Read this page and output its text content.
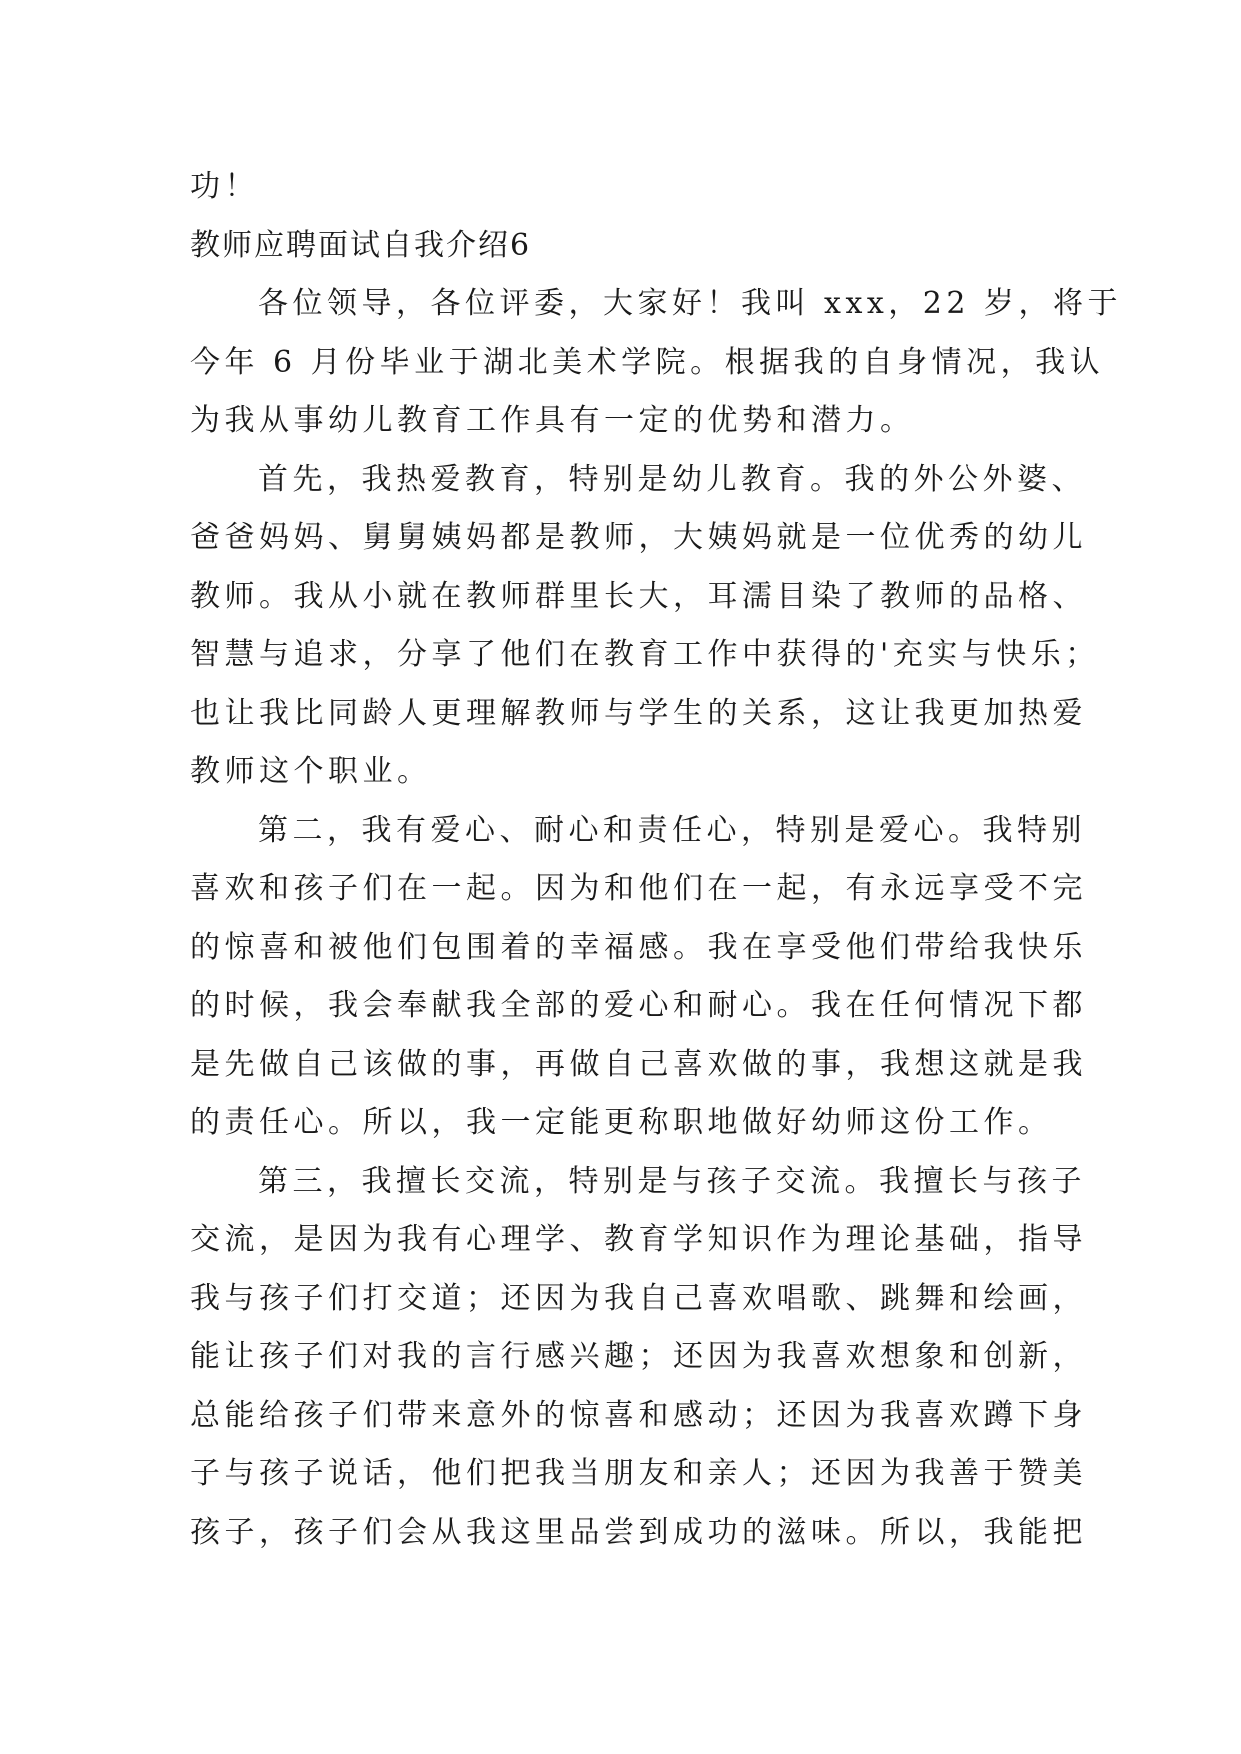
功！
教师应聘面试自我介绍6
各位领导，各位评委，大家好！我叫 xxx，22 岁，将于
今年 6 月份毕业于湖北美术学院。根据我的自身情况，我认
为我从事幼儿教育工作具有一定的优势和潜力。
首先，我热爱教育，特别是幼儿教育。我的外公外婆、
爸爸妈妈、舅舅姨妈都是教师，大姨妈就是一位优秀的幼儿
教师。我从小就在教师群里长大，耳濡目染了教师的品格、
智慧与追求，分享了他们在教育工作中获得的'充实与快乐；
也让我比同龄人更理解教师与学生的关系，这让我更加热爱
教师这个职业。
第二，我有爱心、耐心和责任心，特别是爱心。我特别
喜欢和孩子们在一起。因为和他们在一起，有永远享受不完
的惊喜和被他们包围着的幸福感。我在享受他们带给我快乐
的时候，我会奉献我全部的爱心和耐心。我在任何情况下都
是先做自己该做的事，再做自己喜欢做的事，我想这就是我
的责任心。所以，我一定能更称职地做好幼师这份工作。
第三，我擅长交流，特别是与孩子交流。我擅长与孩子
交流，是因为我有心理学、教育学知识作为理论基础，指导
我与孩子们打交道；还因为我自己喜欢唱歌、跳舞和绘画，
能让孩子们对我的言行感兴趣；还因为我喜欢想象和创新，
总能给孩子们带来意外的惊喜和感动；还因为我喜欢蹲下身
子与孩子说话，他们把我当朋友和亲人；还因为我善于赞美
孩子，孩子们会从我这里品尝到成功的滋味。所以，我能把
